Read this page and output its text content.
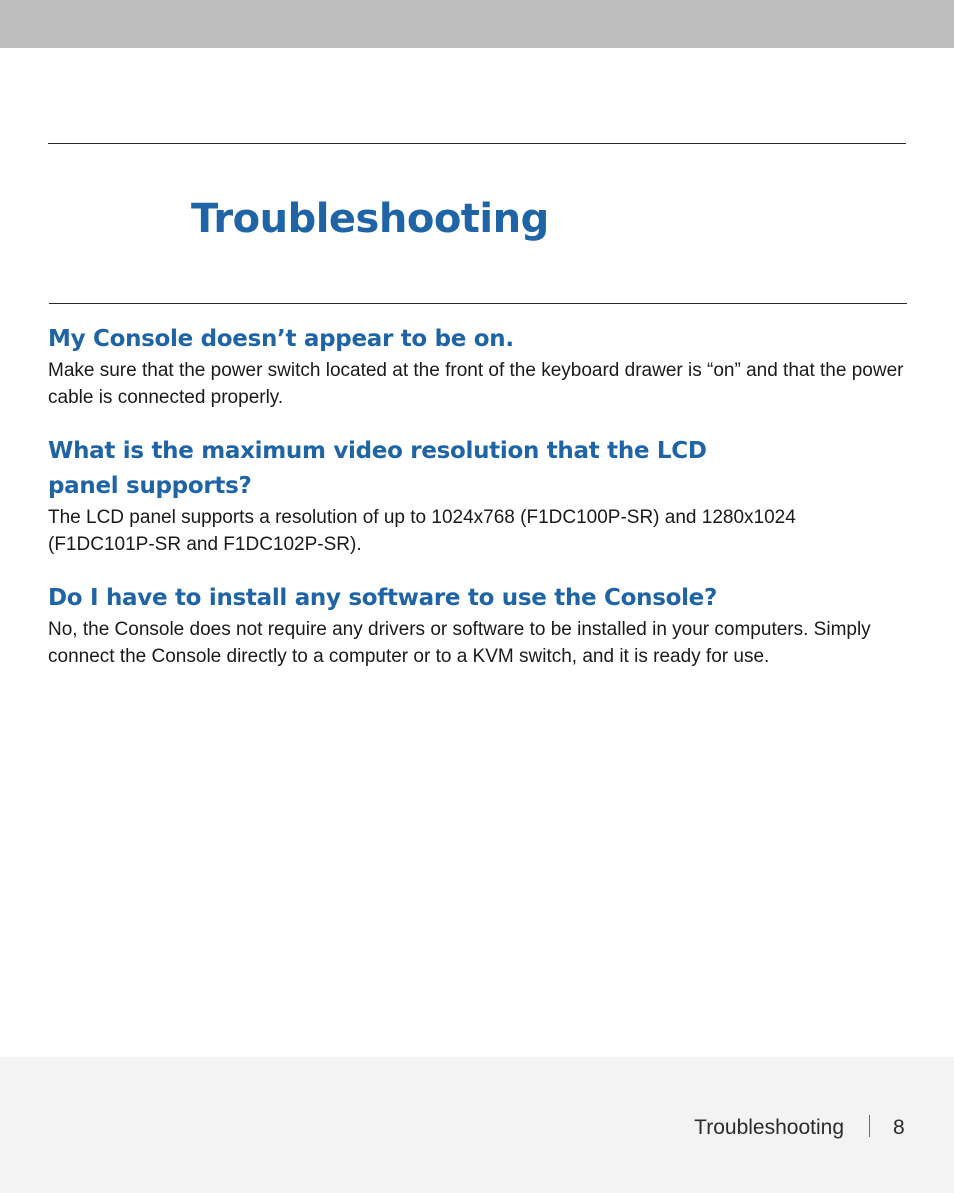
Troubleshooting
My Console doesn’t appear to be on.

Make sure that the power switch located at the front of the keyboard drawer is “on” and that the power cable is connected properly.

What is the maximum video resolution that the LCD
panel supports?

The LCD panel supports a resolution of up to 1024x768 (F1DC100P-SR) and 1280x1024 (F1DC101P-SR and F1DC102P-SR).

Do I have to install any software to use the Console?

No, the Console does not require any drivers or software to be installed in your computers. Simply connect the Console directly to a computer or to a KVM switch, and it is ready for use.

Troubleshooting 8
